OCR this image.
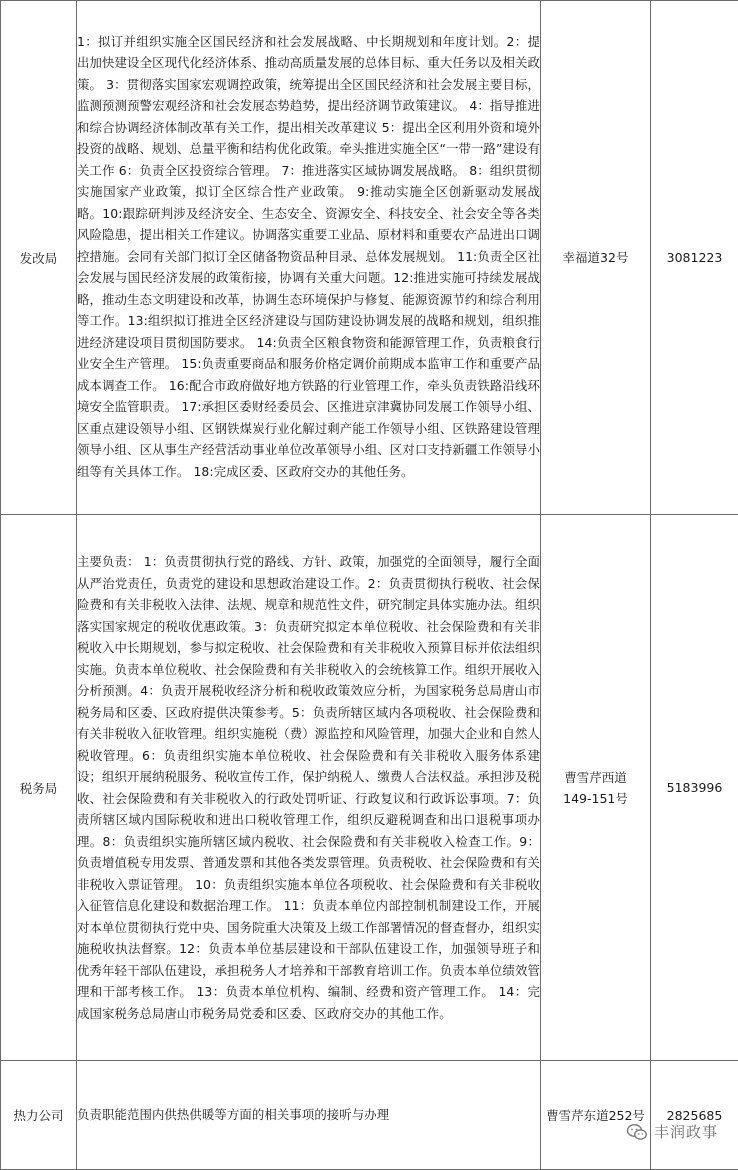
发改局	1：拟订并组织实施全区国民经济和社会发展战略、中长期规划和年度计划。2：提出加快建设全区现代化经济体系、推动高质量发展的总体目标、重大任务以及相关政策。 3：贯彻落实国家宏观调控政策，统筹提出全区国民经济和社会发展主要目标，监测预测预警宏观经济和社会发展态势趋势，提出经济调节政策建议。 4：指导推进和综合协调经济体制改革有关工作，提出相关改革建议 5：提出全区利用外资和境外投资的战略、规划、总量平衡和结构优化政策。牵头推进实施全区“一带一路”建设有关工作 6：负责全区投资综合管理。 7：推进落实区域协调发展战略。 8：组织贯彻实施国家产业政策，拟订全区综合性产业政策。 9:推动实施全区创新驱动发展战略。10:跟踪研判涉及经济安全、生态安全、资源安全、科技安全、社会安全等各类风险隐患，提出相关工作建议。协调落实重要工业品、原材料和重要农产品进出口调控措施。会同有关部门拟订全区储备物资品种目录、总体发展规划。 11:负责全区社会发展与国民经济发展的政策衔接，协调有关重大问题。12:推进实施可持续发展战略，推动生态文明建设和改革，协调生态环境保护与修复、能源资源节约和综合利用等工作。13:组织拟订推进全区经济建设与国防建设协调发展的战略和规划，组织推进经济建设项目贯彻国防要求。 14:负责全区粮食物资和能源管理工作，负责粮食行业安全生产管理。 15:负责重要商品和服务价格定调价前期成本监审工作和重要产品成本调查工作。 16:配合市政府做好地方铁路的行业管理工作，牵头负责铁路沿线环境安全监管职责。 17:承担区委财经委员会、区推进京津冀协同发展工作领导小组、区重点建设领导小组、区钢铁煤炭行业化解过剩产能工作领导小组、区铁路建设管理领导小组、区从事生产经营活动事业单位改革领导小组、区对口支持新疆工作领导小组等有关具体工作。 18:完成区委、区政府交办的其他任务。	幸福道32号	3081223
税务局	主要负责： 1：负责贯彻执行党的路线、方针、政策，加强党的全面领导，履行全面从严治党责任，负责党的建设和思想政治建设工作。2：负责贯彻执行税收、社会保险费和有关非税收入法律、法规、规章和规范性文件，研究制定具体实施办法。组织落实国家规定的税收优惠政策。3：负责研究拟定本单位税收、社会保险费和有关非税收入中长期规划，参与拟定税收、社会保险费和有关非税收入预算目标并依法组织实施。负责本单位税收、社会保险费和有关非税收入的会统核算工作。组织开展收入分析预测。4：负责开展税收经济分析和税收政策效应分析，为国家税务总局唐山市税务局和区委、区政府提供决策参考。5：负责所辖区域内各项税收、社会保险费和有关非税收入征收管理。组织实施税（费）源监控和风险管理，加强大企业和自然人税收管理。6：负责组织实施本单位税收、社会保险费和有关非税收入服务体系建设；组织开展纳税服务、税收宣传工作，保护纳税人、缴费人合法权益。承担涉及税收、社会保险费和有关非税收入的行政处罚听证、行政复议和行政诉讼事项。7：负责所辖区域内国际税收和进出口税收管理工作，组织反避税调查和出口退税事项办理。8：负责组织实施所辖区域内税收、社会保险费和有关非税收入检查工作。9：负责增值税专用发票、普通发票和其他各类发票管理。负责税收、社会保险费和有关非税收入票证管理。 10：负责组织实施本单位各项税收、社会保险费和有关非税收入征管信息化建设和数据治理工作。 11：负责本单位内部控制机制建设工作，开展对本单位贯彻执行党中央、国务院重大决策及上级工作部署情况的督查督办，组织实施税收执法督察。12：负责本单位基层建设和干部队伍建设工作，加强领导班子和优秀年轻干部队伍建设，承担税务人才培养和干部教育培训工作。负责本单位绩效管理和干部考核工作。 13：负责本单位机构、编制、经费和资产管理工作。 14：完成国家税务总局唐山市税务局党委和区委、区政府交办的其他工作。	曹雪芹西道149-151号	5183996
热力公司	负责职能范围内供热供暖等方面的相关事项的接听与办理	曹雪芹东道252号	2825685
丰润政事
